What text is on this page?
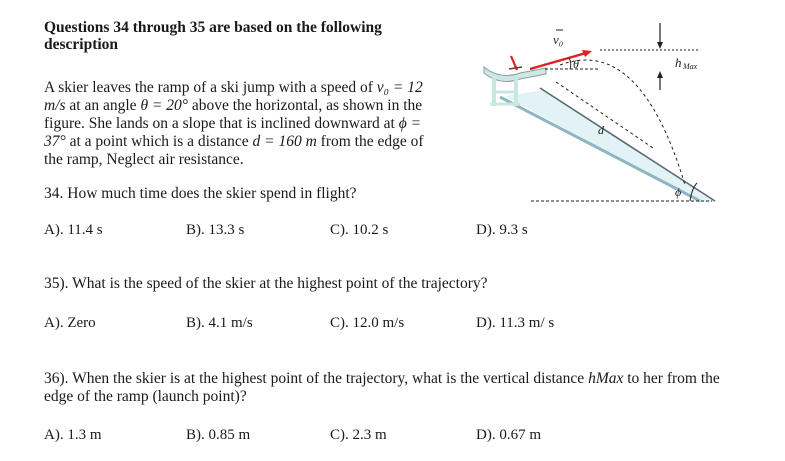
Questions 34 through 35 are based on the following description
A skier leaves the ramp of a ski jump with a speed of v₀ = 12 m/s at an angle θ = 20° above the horizontal, as shown in the figure. She lands on a slope that is inclined downward at ϕ = 37° at a point which is a distance d = 160 m from the edge of the ramp, Neglect air resistance.
34. How much time does the skier spend in flight?
A). 11.4 s	B). 13.3 s	C). 10.2 s	D). 9.3 s
35). What is the speed of the skier at the highest point of the trajectory?
A). Zero	B). 4.1 m/s	C). 12.0 m/s	D). 11.3 m/ s
36). When the skier is at the highest point of the trajectory, what is the vertical distance hMax to her from the edge of the ramp (launch point)?
A). 1.3 m	B). 0.85 m	C). 2.3 m	D). 0.67 m
v₀
θ
d
ϕ
h Max
